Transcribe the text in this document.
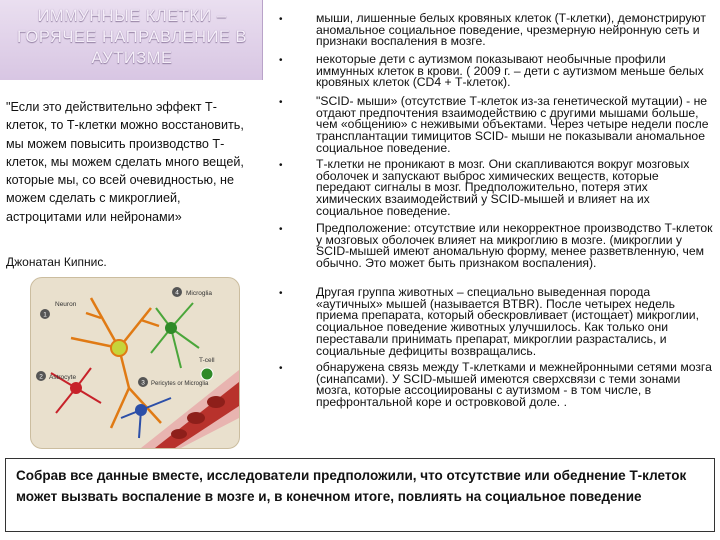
ИММУННЫЕ КЛЕТКИ –
ГОРЯЧЕЕ НАПРАВЛЕНИЕ В
АУТИЗМЕ
"Если это действительно эффект Т-клеток, то Т-клетки можно восстановить, мы можем повысить производство Т-клеток, мы можем сделать много вещей, которые мы, со всей очевидностью, не можем сделать с микроглией, астроцитами или нейронами»
Джонатан Кипнис.
1
Neuron
4 Microglia
2 Astrocyte
3 Pericytes or Microglia
T-cell
•	мыши, лишенные белых кровяных клеток (Т-клетки), демонстрируют аномальное социальное поведение, чрезмерную нейронную сеть и признаки воспаления в мозге.
•	некоторые дети с аутизмом показывают необычные профили иммунных клеток в крови. ( 2009 г. – дети с аутизмом меньше белых кровяных клеток (CD4 + Т-клеток).
•	"SCID- мыши» (отсутствие Т-клеток из-за генетической мутации) - не отдают предпочтения взаимодействию с другими мышами больше, чем «общению» с неживыми объектами. Через четыре недели после трансплантации тимицитов SCID- мыши не показывали аномальное социальное поведение.
•	Т-клетки не проникают в мозг. Они скапливаются вокруг мозговых оболочек и запускают выброс химических веществ, которые передают сигналы в мозг. Предположительно, потеря этих химических взаимодействий у SCID-мышей и влияет на их социальное поведение.
•	Предположение: отсутствие или некорректное производство Т-клеток у мозговых оболочек влияет на микроглию в мозге. (микроглии у SCID-мышей имеют аномальную форму, менее разветвленную, чем обычно. Это может быть признаком воспаления).
•	Другая группа животных – специально выведенная порода «аутичных» мышей (называется BTBR). После четырех недель приема препарата, который обескровливает (истощает) микроглии, социальное поведение животных улучшилось. Как только они переставали принимать препарат, микроглии разрастались, и социальные дефициты возвращались.
•	обнаружена связь между Т-клетками и межнейронными сетями мозга (синапсами). У SCID-мышей имеются сверхсвязи с теми зонами мозга, которые ассоциированы с аутизмом - в том числе, в префронтальной коре и островковой доле. .
Собрав все данные вместе, исследователи предположили, что отсутствие или обеднение Т-клеток может вызвать воспаление в мозге и, в конечном итоге, повлиять на социальное поведение
